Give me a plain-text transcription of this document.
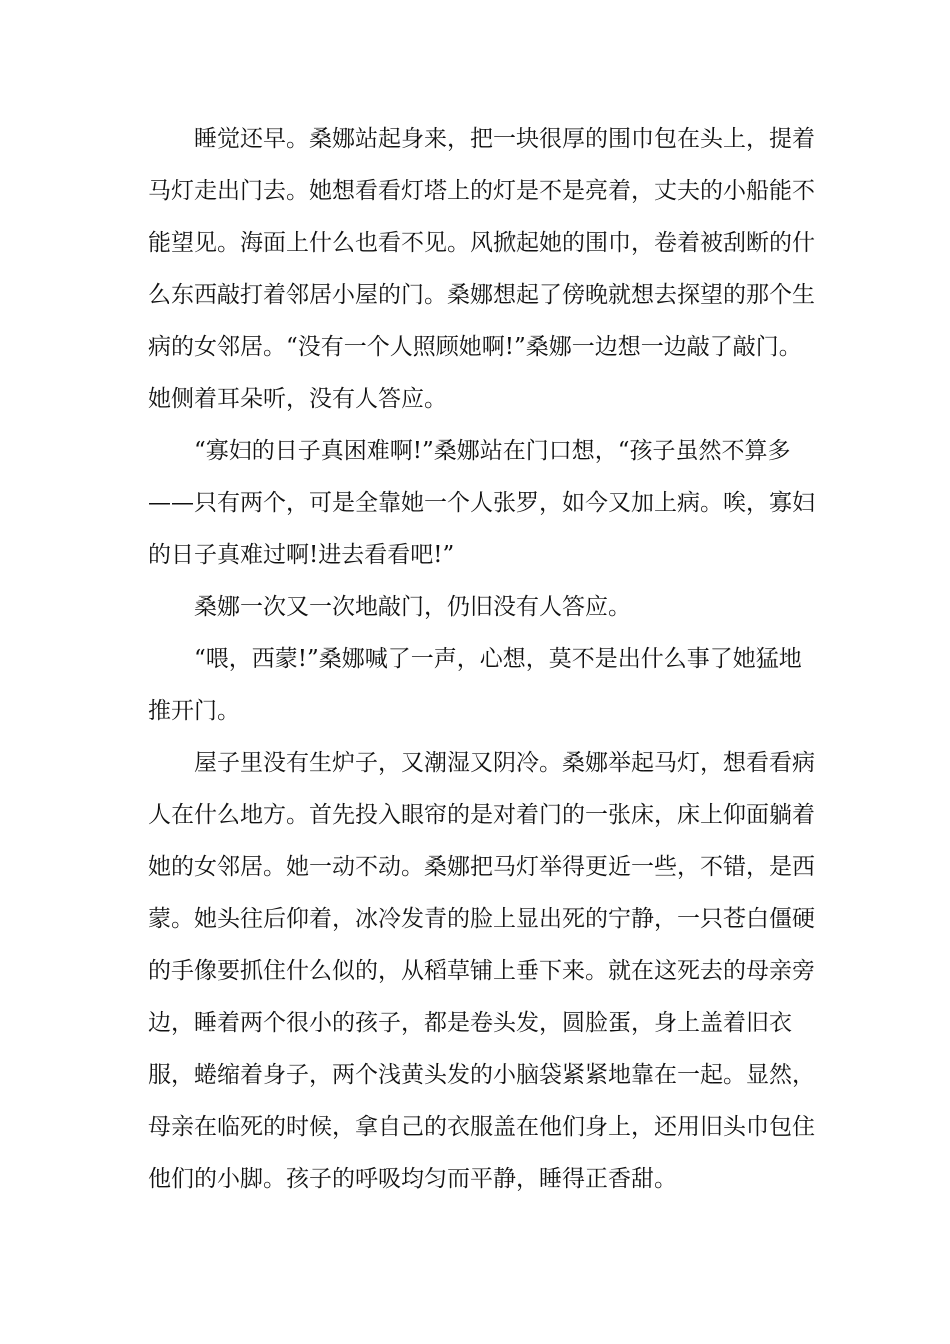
睡觉还早。桑娜站起身来，把一块很厚的围巾包在头上，提着
马灯走出门去。她想看看灯塔上的灯是不是亮着，丈夫的小船能不
能望见。海面上什么也看不见。风掀起她的围巾，卷着被刮断的什
么东西敲打着邻居小屋的门。桑娜想起了傍晚就想去探望的那个生
病的女邻居。“没有一个人照顾她啊!”桑娜一边想一边敲了敲门。
她侧着耳朵听，没有人答应。
“寡妇的日子真困难啊!”桑娜站在门口想，“孩子虽然不算多
——只有两个，可是全靠她一个人张罗，如今又加上病。唉，寡妇
的日子真难过啊!进去看看吧!”
桑娜一次又一次地敲门，仍旧没有人答应。
“喂，西蒙!”桑娜喊了一声，心想，莫不是出什么事了她猛地
推开门。
屋子里没有生炉子，又潮湿又阴冷。桑娜举起马灯，想看看病
人在什么地方。首先投入眼帘的是对着门的一张床，床上仰面躺着
她的女邻居。她一动不动。桑娜把马灯举得更近一些，不错，是西
蒙。她头往后仰着，冰冷发青的脸上显出死的宁静，一只苍白僵硬
的手像要抓住什么似的，从稻草铺上垂下来。就在这死去的母亲旁
边，睡着两个很小的孩子，都是卷头发，圆脸蛋，身上盖着旧衣
服，蜷缩着身子，两个浅黄头发的小脑袋紧紧地靠在一起。显然，
母亲在临死的时候，拿自己的衣服盖在他们身上，还用旧头巾包住
他们的小脚。孩子的呼吸均匀而平静，睡得正香甜。
